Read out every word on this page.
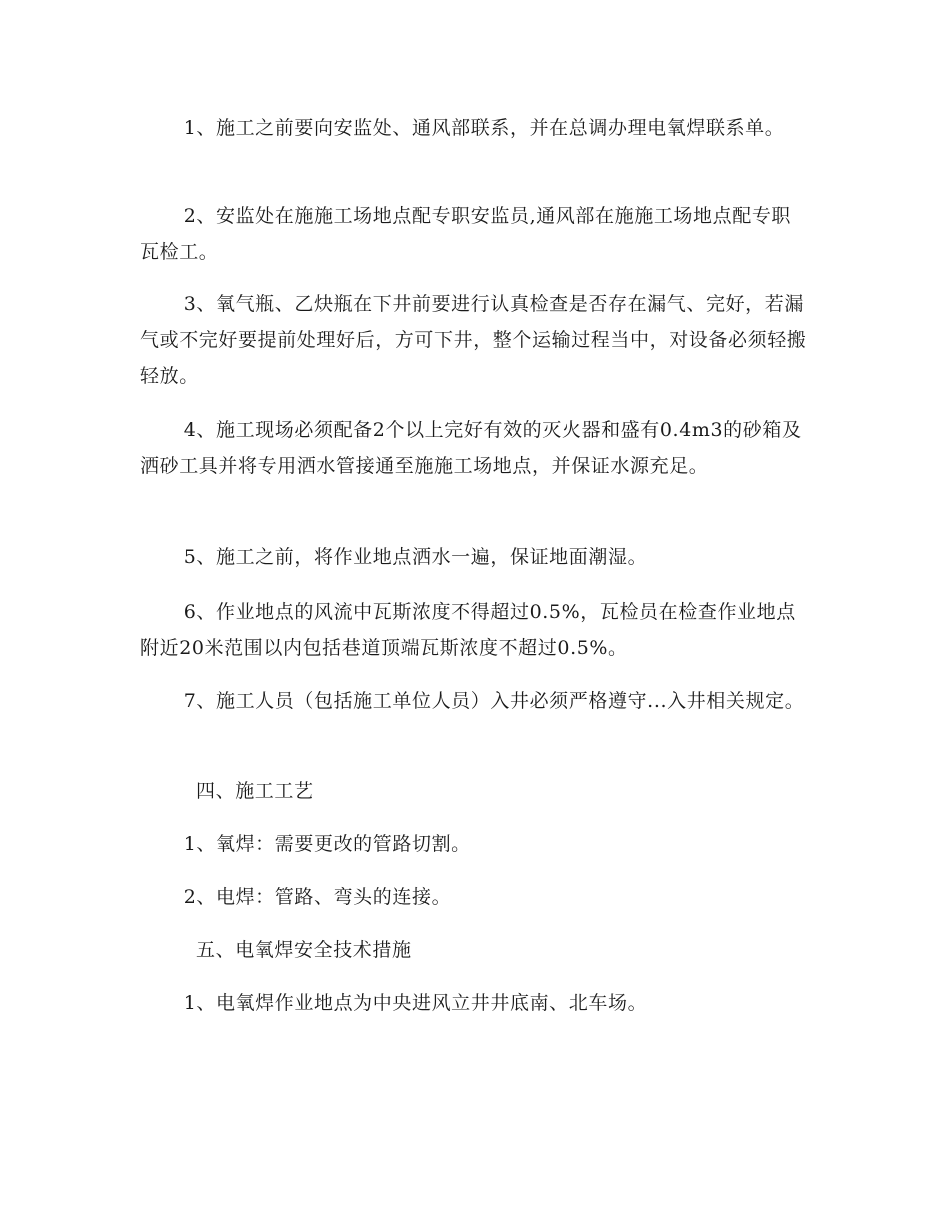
1、施工之前要向安监处、通风部联系，并在总调办理电氧焊联系单。

2、安监处在施施工场地点配专职安监员,通风部在施施工场地点配专职瓦检工。

3、氧气瓶、乙炔瓶在下井前要进行认真检查是否存在漏气、完好，若漏气或不完好要提前处理好后，方可下井，整个运输过程当中，对设备必须轻搬轻放。

4、施工现场必须配备2个以上完好有效的灭火器和盛有0.4m3的砂箱及洒砂工具并将专用洒水管接通至施施工场地点，并保证水源充足。

5、施工之前，将作业地点洒水一遍，保证地面潮湿。

6、作业地点的风流中瓦斯浓度不得超过0.5%，瓦检员在检查作业地点附近20米范围以内包括巷道顶端瓦斯浓度不超过0.5%。

7、施工人员（包括施工单位人员）入井必须严格遵守...入井相关规定。

四、施工工艺

1、氧焊：需要更改的管路切割。

2、电焊：管路、弯头的连接。

五、电氧焊安全技术措施

1、电氧焊作业地点为中央进风立井井底南、北车场。
